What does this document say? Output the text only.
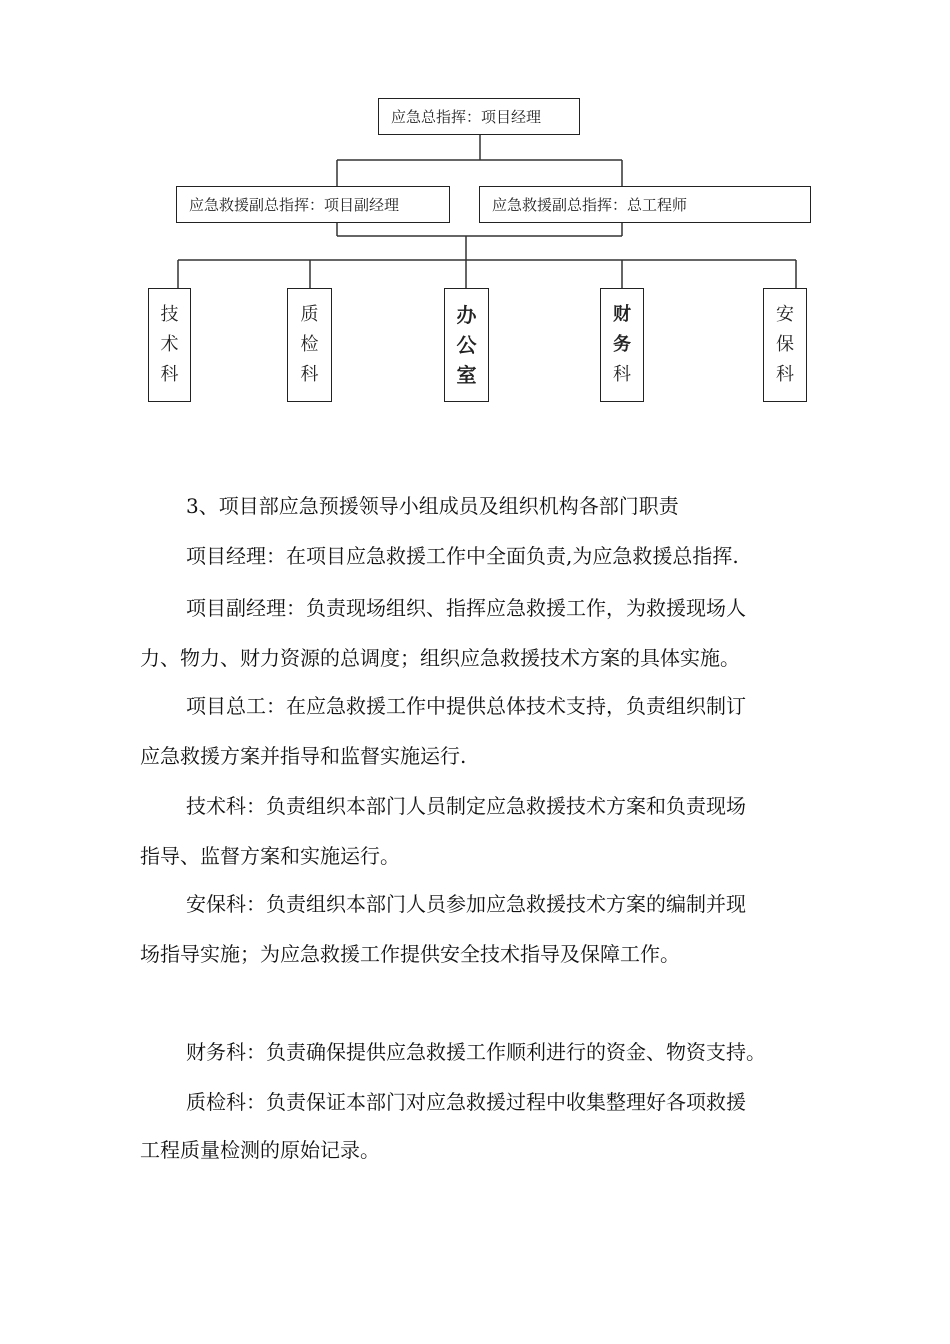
应急总指挥：项目经理
应急救援副总指挥：项目副经理	应急救援副总指挥：总工程师
技
术
科
质
检
科
办
公
室
财
务
科
安
保
科

3、项目部应急预援领导小组成员及组织机构各部门职责

项目经理：在项目应急救援工作中全面负责,为应急救援总指挥.

项目副经理：负责现场组织、指挥应急救援工作，为救援现场人

力、物力、财力资源的总调度；组织应急救援技术方案的具体实施。

项目总工：在应急救援工作中提供总体技术支持，负责组织制订

应急救援方案并指导和监督实施运行.

技术科：负责组织本部门人员制定应急救援技术方案和负责现场

指导、监督方案和实施运行。

安保科：负责组织本部门人员参加应急救援技术方案的编制并现

场指导实施；为应急救援工作提供安全技术指导及保障工作。

财务科：负责确保提供应急救援工作顺利进行的资金、物资支持。

质检科：负责保证本部门对应急救援过程中收集整理好各项救援

工程质量检测的原始记录。
